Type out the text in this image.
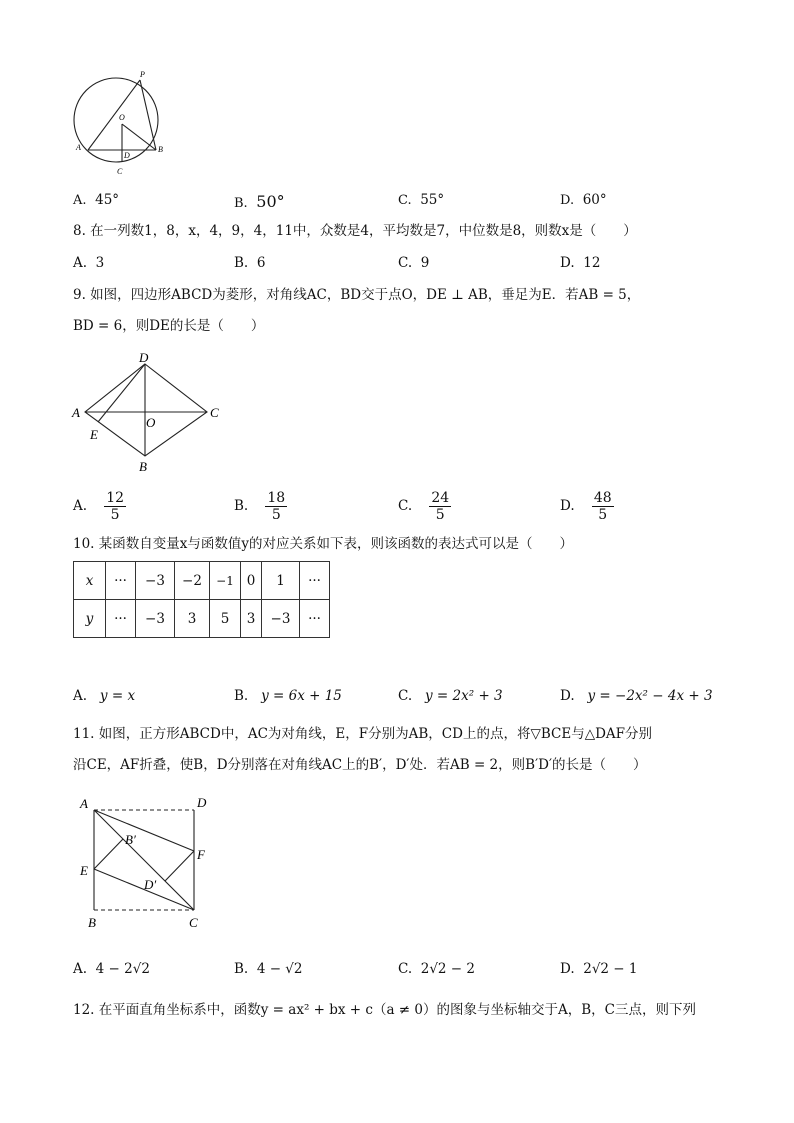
P
O
A
D
B
C
A. 45°	B. 50°	C. 55°	D. 60°
8. 在一列数1，8，x，4，9，4，11中，众数是4，平均数是7，中位数是8，则数x是（　　）
A. 3	B. 6	C. 9	D. 12
9. 如图，四边形ABCD为菱形，对角线AC，BD交于点O，DE ⊥ AB，垂足为E．若AB = 5，
BD = 6，则DE的长是（　　）
D
A
O
C
E
B
A. $\frac{12}{5}$	B. $\frac{18}{5}$	C. $\frac{24}{5}$	D. $\frac{48}{5}$
10. 某函数自变量x与函数值y的对应关系如下表，则该函数的表达式可以是（　　）
x	···	−3	−2	−1	0	1	···
y	···	−3	3	5	3	−3	···
A. y = x	B. y = 6x + 15	C. y = 2x² + 3	D. y = −2x² − 4x + 3
11. 如图，正方形ABCD中，AC为对角线，E，F分别为AB，CD上的点，将▽BCE与△DAF分别
沿CE，AF折叠，使B，D分别落在对角线AC上的B′，D′处．若AB = 2，则B′D′的长是（　　）
A	D
B′
F
E
D′
B	C
A. 4 − 2√2	B. 4 − √2	C. 2√2 − 2	D. 2√2 − 1
12. 在平面直角坐标系中，函数y = ax² + bx + c（a ≠ 0）的图象与坐标轴交于A，B，C三点，则下列
